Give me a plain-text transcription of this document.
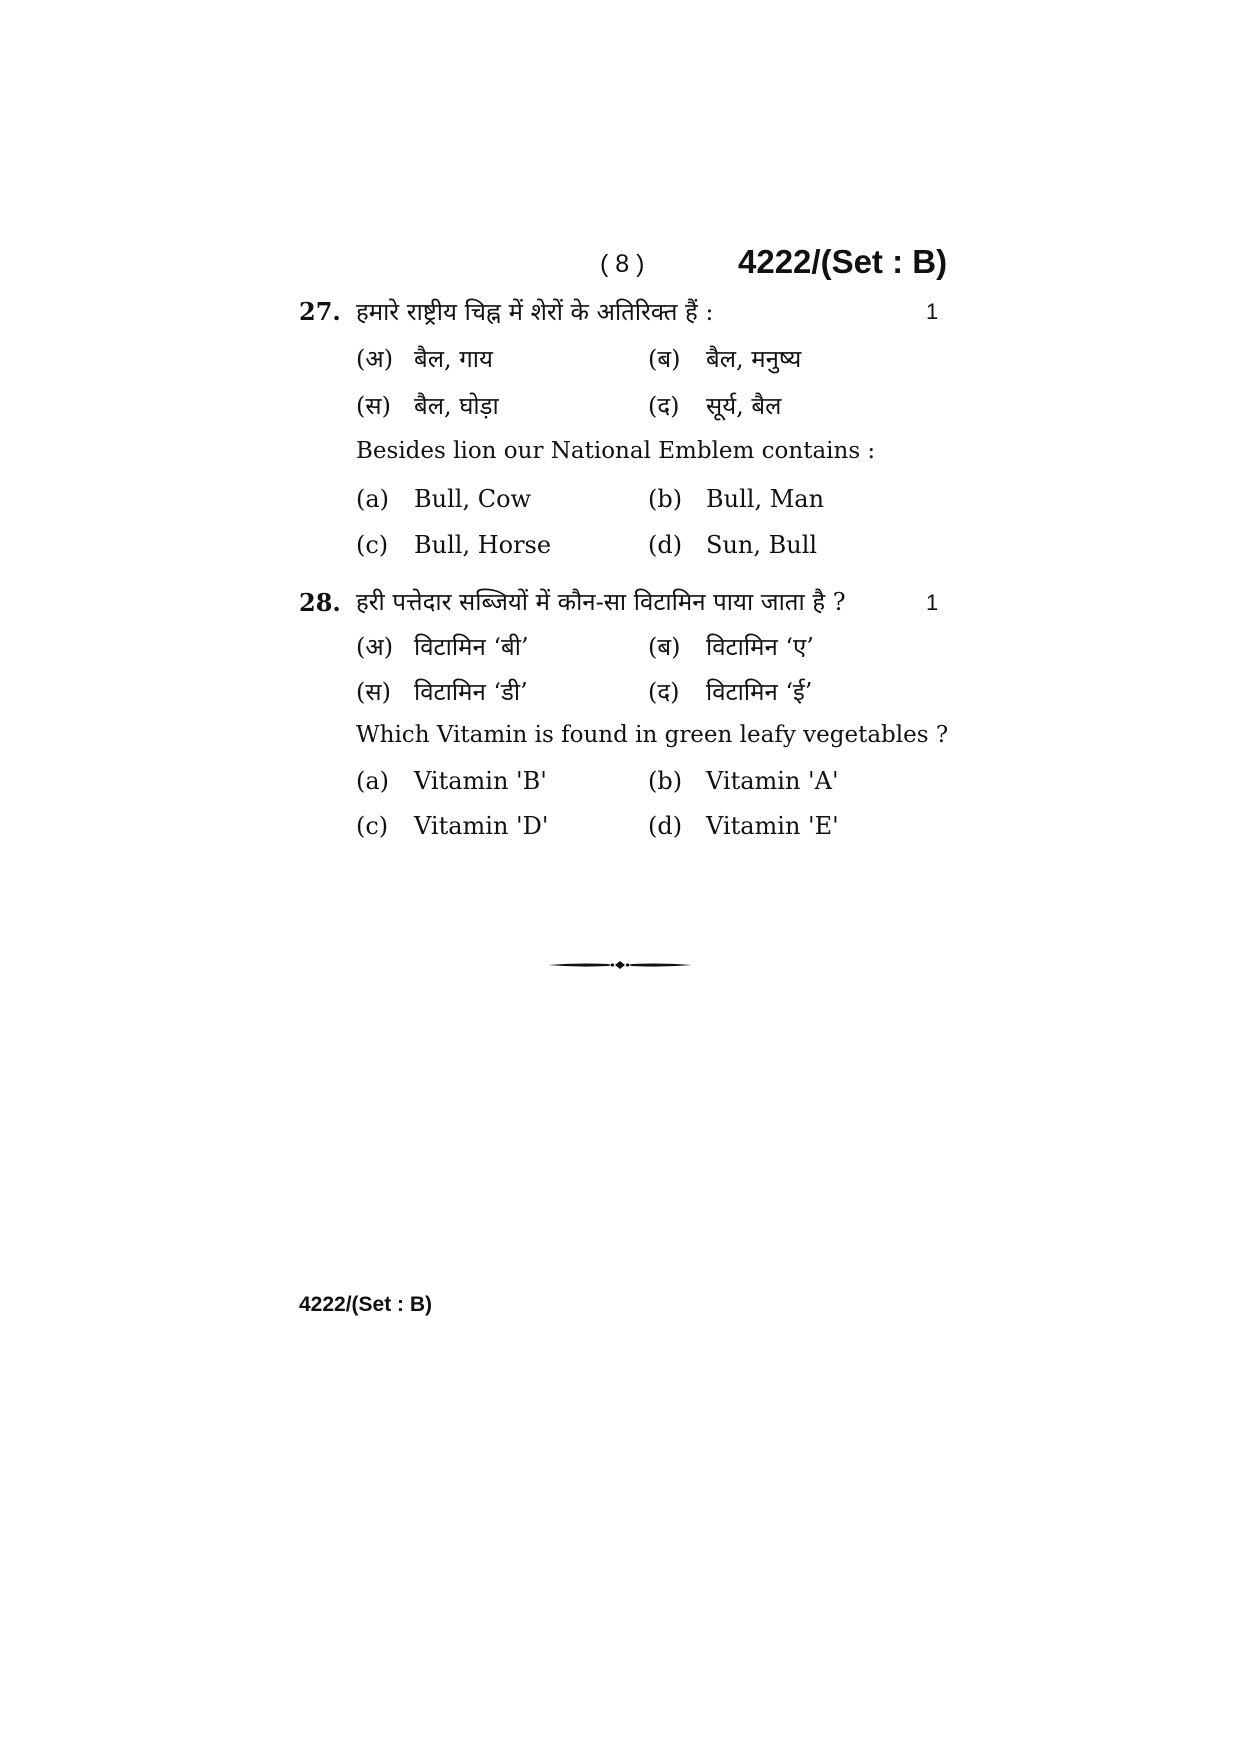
( 8 )	4222/(Set : B)
27. हमारे राष्ट्रीय चिह्न में शेरों के अतिरिक्त हैं :	1
(अ) बैल, गाय	(ब) बैल, मनुष्य
(स) बैल, घोड़ा	(द) सूर्य, बैल
Besides lion our National Emblem contains :
(a) Bull, Cow	(b) Bull, Man
(c) Bull, Horse	(d) Sun, Bull
28. हरी पत्तेदार सब्जियों में कौन-सा विटामिन पाया जाता है ?	1
(अ) विटामिन ‘बी’	(ब) विटामिन ‘ए’
(स) विटामिन ‘डी’	(द) विटामिन ‘ई’
Which Vitamin is found in green leafy vegetables ?
(a) Vitamin 'B'	(b) Vitamin 'A'
(c) Vitamin 'D'	(d) Vitamin 'E'
4222/(Set : B)
